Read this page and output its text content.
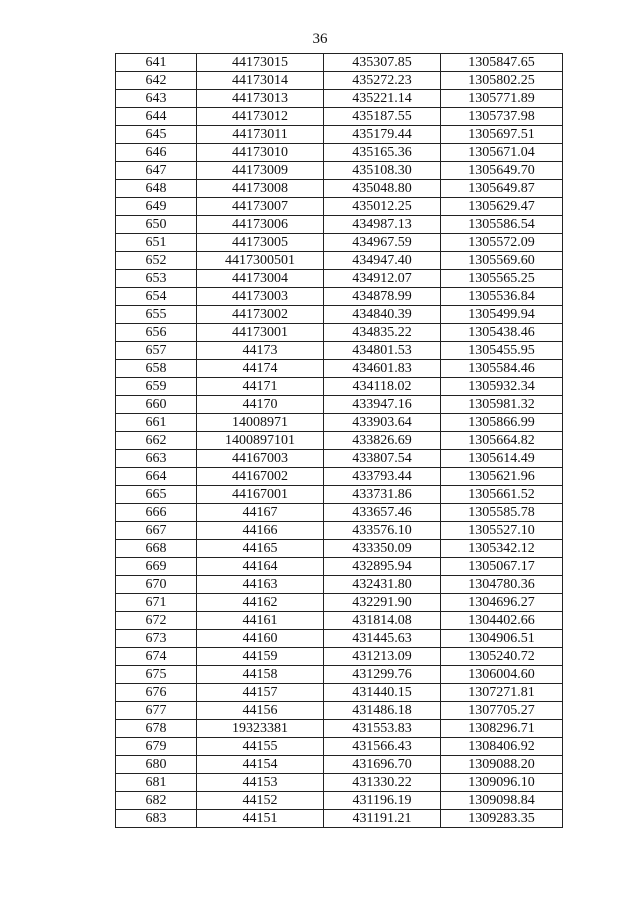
36
641	44173015	435307.85	1305847.65
642	44173014	435272.23	1305802.25
643	44173013	435221.14	1305771.89
644	44173012	435187.55	1305737.98
645	44173011	435179.44	1305697.51
646	44173010	435165.36	1305671.04
647	44173009	435108.30	1305649.70
648	44173008	435048.80	1305649.87
649	44173007	435012.25	1305629.47
650	44173006	434987.13	1305586.54
651	44173005	434967.59	1305572.09
652	4417300501	434947.40	1305569.60
653	44173004	434912.07	1305565.25
654	44173003	434878.99	1305536.84
655	44173002	434840.39	1305499.94
656	44173001	434835.22	1305438.46
657	44173	434801.53	1305455.95
658	44174	434601.83	1305584.46
659	44171	434118.02	1305932.34
660	44170	433947.16	1305981.32
661	14008971	433903.64	1305866.99
662	1400897101	433826.69	1305664.82
663	44167003	433807.54	1305614.49
664	44167002	433793.44	1305621.96
665	44167001	433731.86	1305661.52
666	44167	433657.46	1305585.78
667	44166	433576.10	1305527.10
668	44165	433350.09	1305342.12
669	44164	432895.94	1305067.17
670	44163	432431.80	1304780.36
671	44162	432291.90	1304696.27
672	44161	431814.08	1304402.66
673	44160	431445.63	1304906.51
674	44159	431213.09	1305240.72
675	44158	431299.76	1306004.60
676	44157	431440.15	1307271.81
677	44156	431486.18	1307705.27
678	19323381	431553.83	1308296.71
679	44155	431566.43	1308406.92
680	44154	431696.70	1309088.20
681	44153	431330.22	1309096.10
682	44152	431196.19	1309098.84
683	44151	431191.21	1309283.35
